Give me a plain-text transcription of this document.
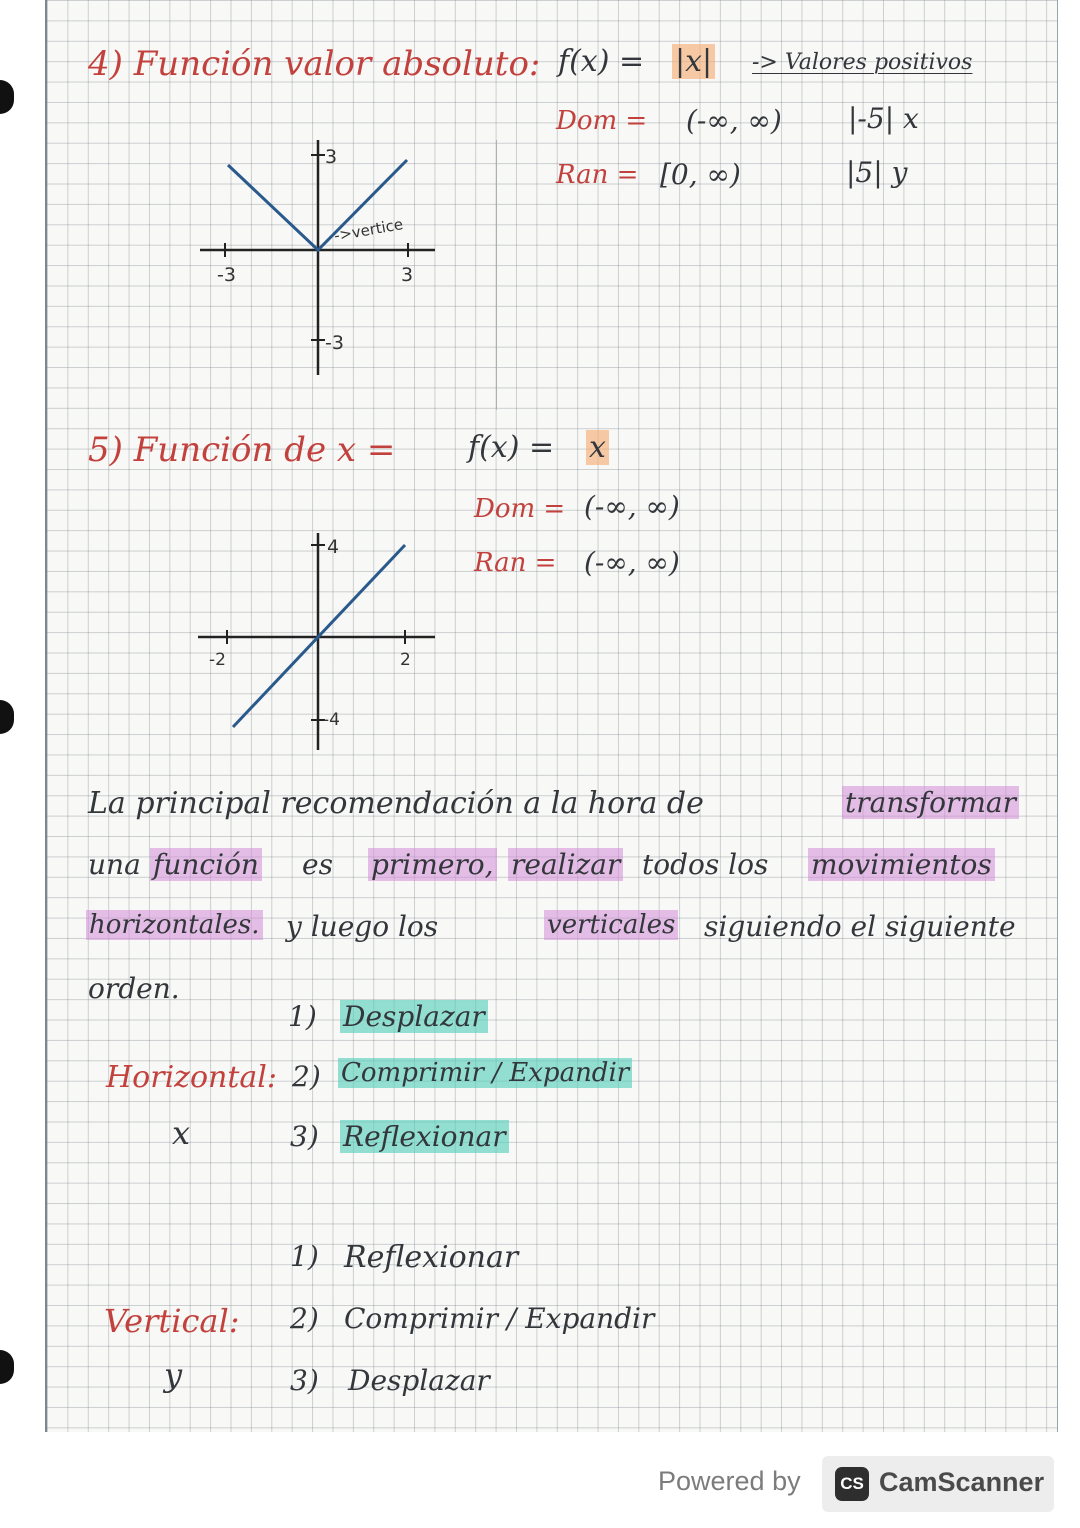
4) Función valor absoluto: f(x) = |x| -> Valores positivos
Dom = (-∞, ∞)
Ran = [0, ∞)
|-5| x
|5| y
-3	3
3
-3
->vertice
5) Función de x = f(x) = x
Dom = (-∞, ∞)
Ran = (-∞, ∞)
-2	2
4
-4
La principal recomendación a la hora de	transformar
una función es primero, realizar todos los movimientos
horizontales. y luego los	verticales siguiendo el siguiente
orden.
Horizontal:
x
1) Desplazar
2) Comprimir / Expandir
3) Reflexionar
Vertical:
y
1) Reflexionar
2) Comprimir / Expandir
3) Desplazar
Powered by	CS CamScanner
